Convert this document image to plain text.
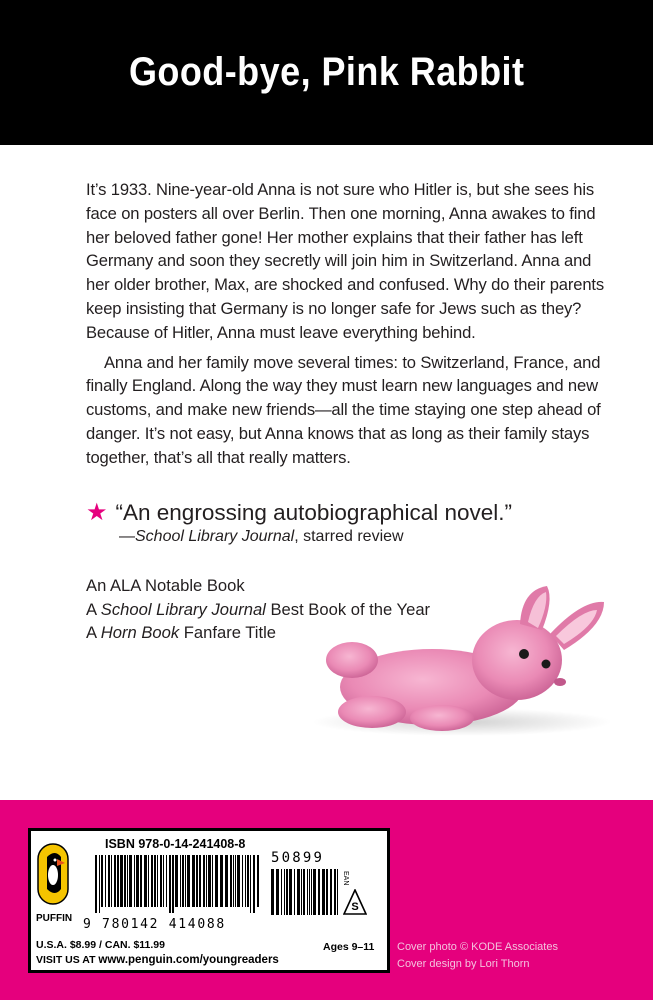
Good-bye, Pink Rabbit

It’s 1933. Nine-year-old Anna is not sure who Hitler is, but she sees his face on posters all over Berlin. Then one morning, Anna awakes to find her beloved father gone! Her mother explains that their father has left Germany and soon they secretly will join him in Switzerland. Anna and her older brother, Max, are shocked and confused. Why do their parents keep insisting that Germany is no longer safe for Jews such as they? Because of Hitler, Anna must leave everything behind.

Anna and her family move several times: to Switzerland, France, and finally England. Along the way they must learn new languages and new customs, and make new friends—all the time staying one step ahead of danger. It’s not easy, but Anna knows that as long as their family stays together, that’s all that really matters.

★ “An engrossing autobiographical novel.”
—School Library Journal, starred review
An ALA Notable Book
A School Library Journal Best Book of the Year
A Horn Book Fanfare Title
ISBN 978-0-14-241408-8
PUFFIN 9 780142 414088
50899
EAN
S
U.S.A. $8.99 / CAN. $11.99
VISIT US AT www.penguin.com/youngreaders
Ages 9–11 Cover photo © KODE Associates
Cover design by Lori Thorn
